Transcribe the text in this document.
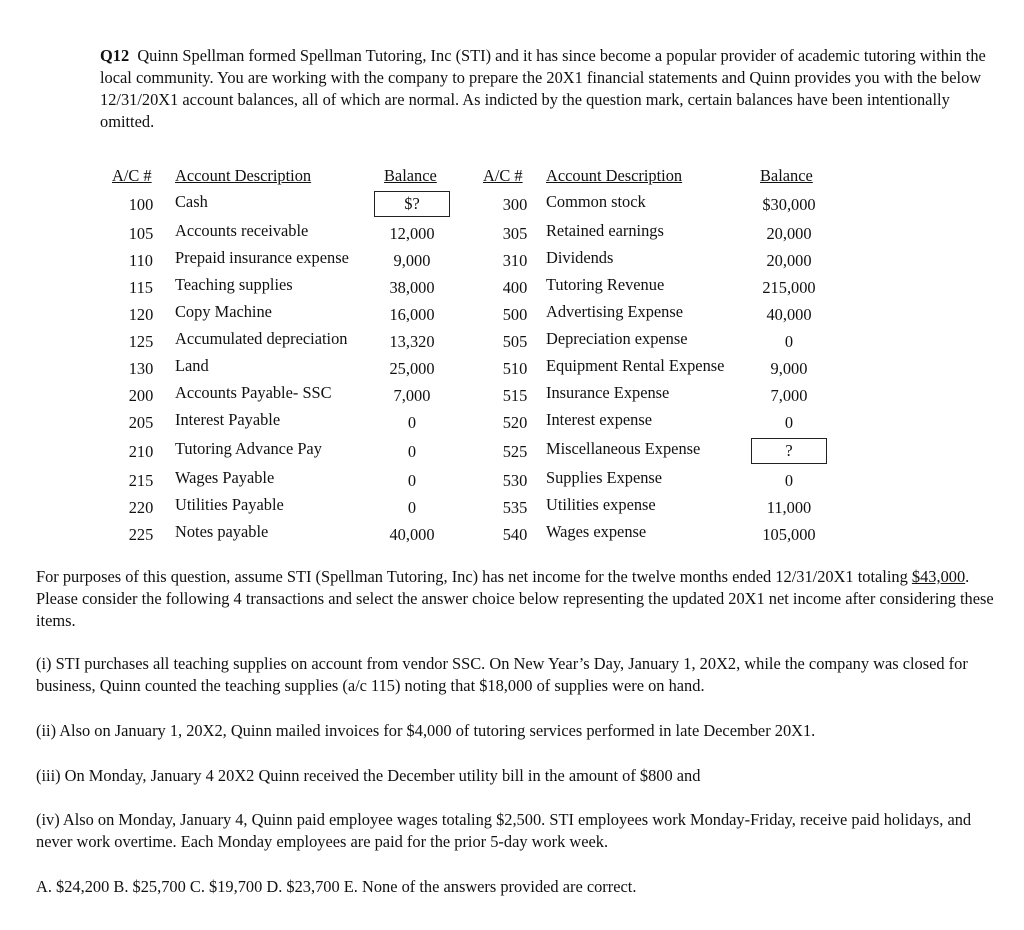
Q12 Quinn Spellman formed Spellman Tutoring, Inc (STI) and it has since become a popular provider of academic tutoring within the local community. You are working with the company to prepare the 20X1 financial statements and Quinn provides you with the below 12/31/20X1 account balances, all of which are normal. As indicted by the question mark, certain balances have been intentionally omitted.
A/C # Account Description	Balance	A/C # Account Description	Balance
100	Cash	$?
105	Accounts receivable	12,000
110	Prepaid insurance expense	9,000
115	Teaching supplies	38,000
120	Copy Machine	16,000
125	Accumulated depreciation	13,320
130	Land	25,000
200	Accounts Payable- SSC	7,000
205	Interest Payable	0
210	Tutoring Advance Pay	0
215	Wages Payable	0
220	Utilities Payable	0
225	Notes payable	40,000
300	Common stock	$30,000
305	Retained earnings	20,000
310	Dividends	20,000
400	Tutoring Revenue	215,000
500	Advertising Expense	40,000
505	Depreciation expense	0
510	Equipment Rental Expense	9,000
515	Insurance Expense	7,000
520	Interest expense	0
525	Miscellaneous Expense	?
530	Supplies Expense	0
535	Utilities expense	11,000
540	Wages expense	105,000
For purposes of this question, assume STI (Spellman Tutoring, Inc) has net income for the twelve months ended 12/31/20X1 totaling $43,000. Please consider the following 4 transactions and select the answer choice below representing the updated 20X1 net income after considering these items.
(i) STI purchases all teaching supplies on account from vendor SSC. On New Year’s Day, January 1, 20X2, while the company was closed for business, Quinn counted the teaching supplies (a/c 115) noting that $18,000 of supplies were on hand.
(ii) Also on January 1, 20X2, Quinn mailed invoices for $4,000 of tutoring services performed in late December 20X1.
(iii) On Monday, January 4 20X2 Quinn received the December utility bill in the amount of $800 and
(iv) Also on Monday, January 4, Quinn paid employee wages totaling $2,500. STI employees work Monday-Friday, receive paid holidays, and never work overtime. Each Monday employees are paid for the prior 5-day work week.
A. $24,200 B. $25,700 C. $19,700 D. $23,700 E. None of the answers provided are correct.
